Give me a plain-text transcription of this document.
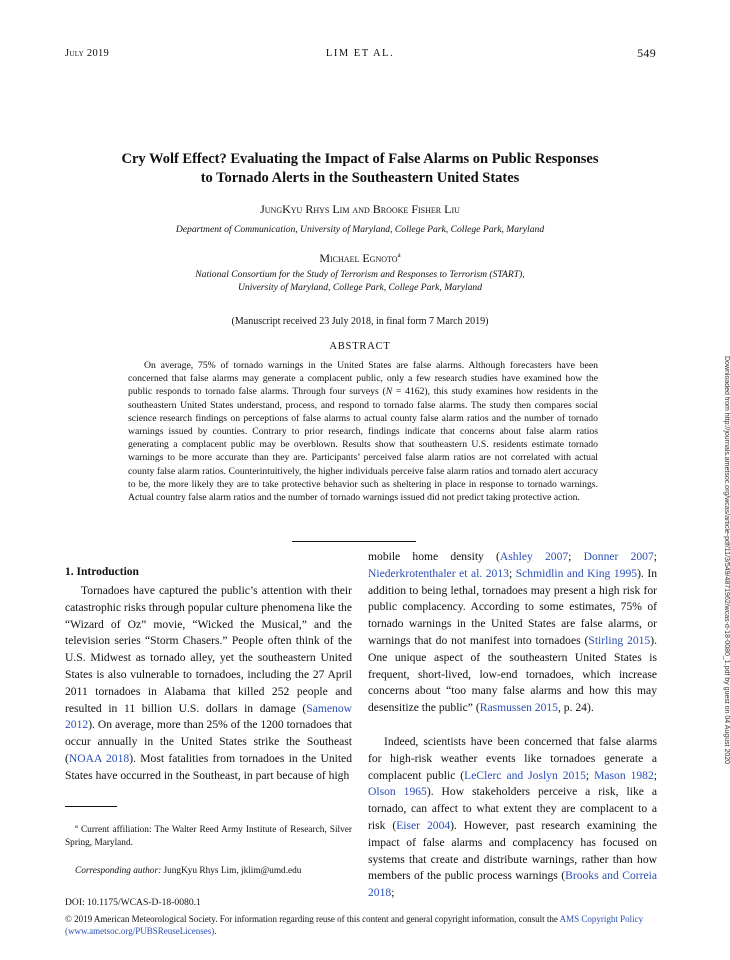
July 2019	LIM ET AL.	549
Cry Wolf Effect? Evaluating the Impact of False Alarms on Public Responses
to Tornado Alerts in the Southeastern United States
JungKyu Rhys Lim and Brooke Fisher Liu
Department of Communication, University of Maryland, College Park, College Park, Maryland
Michael Egnoto$^a$
National Consortium for the Study of Terrorism and Responses to Terrorism (START),
University of Maryland, College Park, College Park, Maryland
(Manuscript received 23 July 2018, in final form 7 March 2019)
ABSTRACT
On average, 75% of tornado warnings in the United States are false alarms. Although forecasters have been concerned that false alarms may generate a complacent public, only a few research studies have examined how the public responds to tornado false alarms. Through four surveys (N = 4162), this study examines how residents in the southeastern United States understand, process, and respond to tornado false alarms. The study then compares social science research findings on perceptions of false alarms to actual county false alarm ratios and the number of tornado warnings issued by counties. Contrary to prior research, findings indicate that concerns about false alarm ratios generating a complacent public may be overblown. Results show that southeastern U.S. residents estimate tornado warnings to be more accurate than they are. Participants’ perceived false alarm ratios are not correlated with actual county false alarm ratios. Counterintuitively, the higher individuals perceive false alarm ratios and tornado alert accuracy to be, the more likely they are to take protective behavior such as sheltering in place in response to tornado warnings. Actual country false alarm ratios and the number of tornado warnings issued did not predict taking protective action.
1. Introduction
Tornadoes have captured the public’s attention with their catastrophic risks through popular culture phenomena like the “Wizard of Oz” movie, “Wicked the Musical,” and the television series “Storm Chasers.” People often think of the U.S. Midwest as tornado alley, yet the southeastern United States is also vulnerable to tornadoes, including the 27 April 2011 tornadoes in Alabama that killed 252 people and resulted in 11 billion U.S. dollars in damage (Samenow 2012). On average, more than 25% of the 1200 tornadoes that occur annually in the United States strike the Southeast (NOAA 2018). Most fatalities from tornadoes in the United States have occurred in the Southeast, in part because of high
mobile home density (Ashley 2007; Donner 2007; Niederkrotenthaler et al. 2013; Schmidlin and King 1995). In addition to being lethal, tornadoes may present a high risk for public complacency. According to some estimates, 75% of tornado warnings in the United States are false alarms, or warnings that do not manifest into tornadoes (Stirling 2015). One unique aspect of the southeastern United States is frequent, short-lived, low-end tornadoes, which increase concerns about “too many false alarms and how this may desensitize the public” (Rasmussen 2015, p. 24).
Indeed, scientists have been concerned that false alarms for high-risk weather events like tornadoes generate a complacent public (LeClerc and Joslyn 2015; Mason 1982; Olson 1965). How stakeholders perceive a risk, like a tornado, can affect to what extent they are complacent to a risk (Eiser 2004). However, past research examining the impact of false alarms and complacency has focused on systems that create and distribute warnings, rather than how members of the public process warnings (Brooks and Correia 2018;
$^a$ Current affiliation: The Walter Reed Army Institute of Research, Silver Spring, Maryland.
Corresponding author: JungKyu Rhys Lim, jklim@umd.edu
DOI: 10.1175/WCAS-D-18-0080.1
© 2019 American Meteorological Society. For information regarding reuse of this content and general copyright information, consult the AMS Copyright Policy (www.ametsoc.org/PUBSReuseLicenses).
Downloaded from http://journals.ametsoc.org/wcas/article-pdf/11/3/549/4871962/wcas-d-18-0080_1.pdf by guest on 04 August 2020
